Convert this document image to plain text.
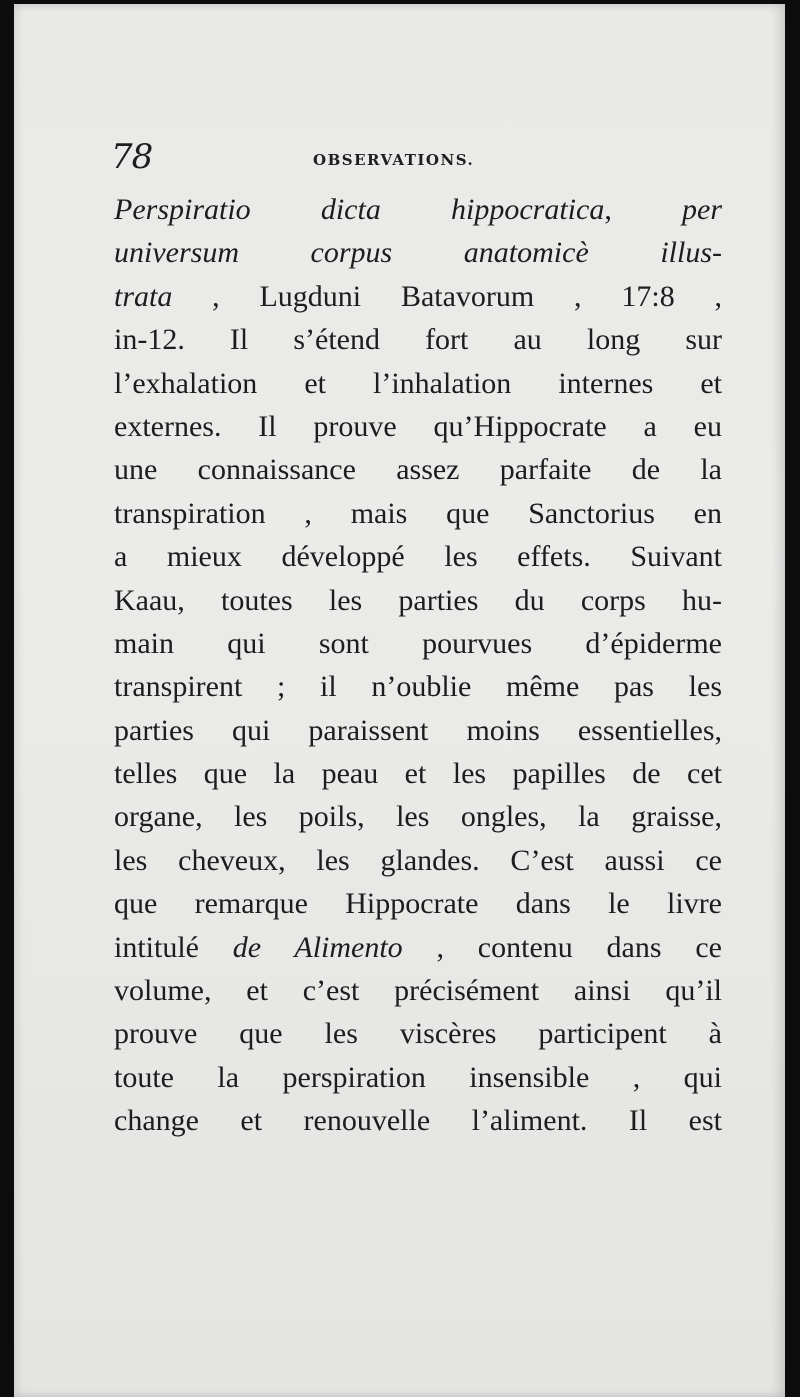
78	OBSERVATIONS.
Perspiratio dicta hippocratica, per
universum corpus anatomicè illus-
trata , Lugduni Batavorum , 17:8 ,
in-12. Il s’étend fort au long sur
l’exhalation et l’inhalation internes et
externes. Il prouve qu’Hippocrate a eu
une connaissance assez parfaite de la
transpiration , mais que Sanctorius en
a mieux développé les effets. Suivant
Kaau, toutes les parties du corps hu-
main qui sont pourvues d’épiderme
transpirent ; il n’oublie même pas les
parties qui paraissent moins essentielles,
telles que la peau et les papilles de cet
organe, les poils, les ongles, la graisse,
les cheveux, les glandes. C’est aussi ce
que remarque Hippocrate dans le livre
intitulé de Alimento , contenu dans ce
volume, et c’est précisément ainsi qu’il
prouve que les viscères participent à
toute la perspiration insensible , qui
change et renouvelle l’aliment. Il est
